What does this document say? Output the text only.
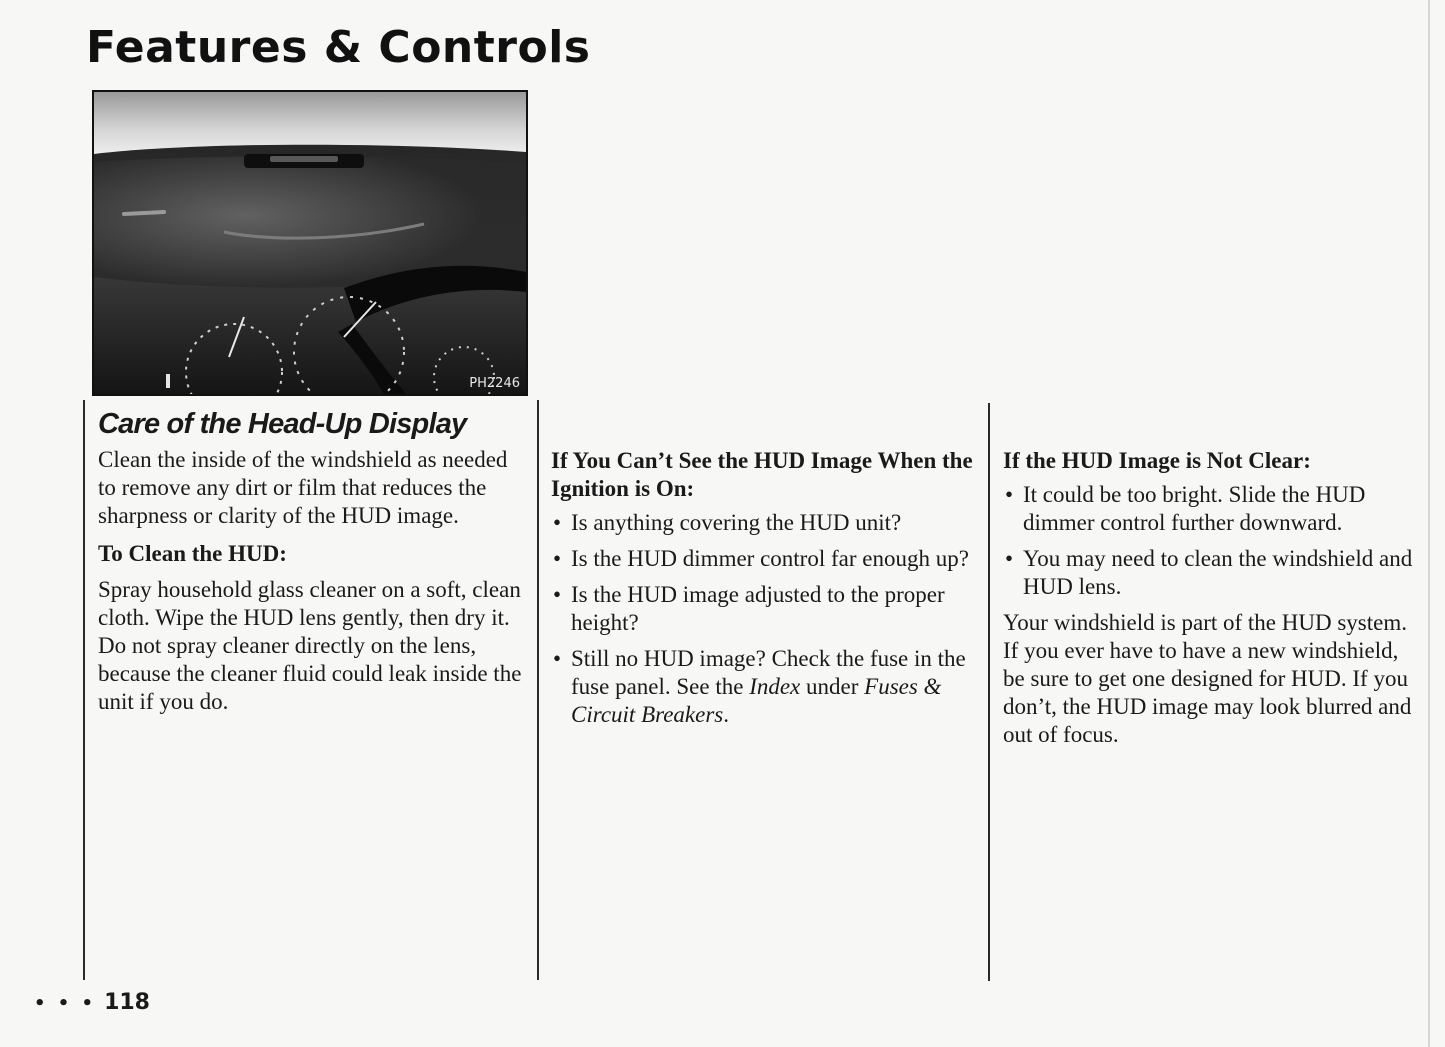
Features & Controls
PH2246
Care of the Head-Up Display

Clean the inside of the windshield as needed to remove any dirt or film that reduces the sharpness or clarity of the HUD image.

To Clean the HUD:

Spray household glass cleaner on a soft, clean cloth. Wipe the HUD lens gently, then dry it. Do not spray cleaner directly on the lens, because the cleaner fluid could leak inside the unit if you do.

If You Can’t See the HUD Image When the Ignition is On:
• Is anything covering the HUD unit?
• Is the HUD dimmer control far enough up?
• Is the HUD image adjusted to the proper height?
• Still no HUD image? Check the fuse in the fuse panel. See the Index under Fuses & Circuit Breakers.
If the HUD Image is Not Clear:
• It could be too bright. Slide the HUD dimmer control further downward.
• You may need to clean the windshield and HUD lens.

Your windshield is part of the HUD system. If you ever have to have a new windshield, be sure to get one designed for HUD. If you don’t, the HUD image may look blurred and out of focus.

• • • 118
